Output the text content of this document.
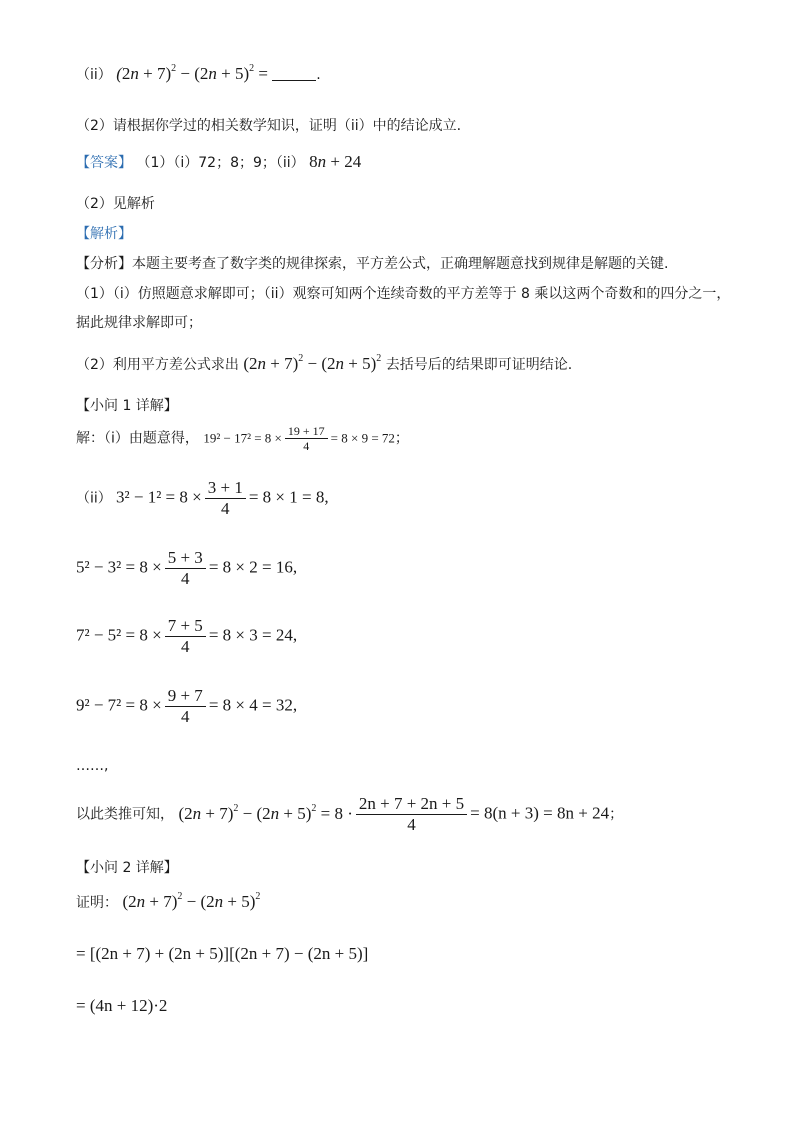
（ii） $(2n + 7)^2 - (2n + 5)^2$ =	.
（2）请根据你学过的相关数学知识，证明（ii）中的结论成立.
【答案】 （1）（i）72；8；9；（ii） 8n + 24
（2）见解析
【解析】
【分析】本题主要考查了数字类的规律探索，平方差公式，正确理解题意找到规律是解题的关键.
（1）（i）仿照题意求解即可；（ii）观察可知两个连续奇数的平方差等于 8 乘以这两个奇数和的四分之一，
据此规律求解即可；
（2）利用平方差公式求出 $(2n + 7)^2 - (2n + 5)^2$ 去括号后的结果即可证明结论.
【小问 1 详解】
解：（i）由题意得， $19^2 - 17^2 = 8 \times \frac{19 + 17}{4} = 8 \times 9 = 72$；
（ii） $3^2 - 1^2 = 8 \times \frac{3 + 1}{4} = 8 \times 1 = 8$,
$5^2 - 3^2 = 8 \times \frac{5 + 3}{4} = 8 \times 2 = 16$,
$7^2 - 5^2 = 8 \times \frac{7 + 5}{4} = 8 \times 3 = 24$,
$9^2 - 7^2 = 8 \times \frac{9 + 7}{4} = 8 \times 4 = 32$,
……,
以此类推可知， $(2n + 7)^2 - (2n + 5)^2 = 8 \cdot \frac{2n + 7 + 2n + 5}{4} = 8(n + 3) = 8n + 24$；
【小问 2 详解】
证明： $(2n + 7)^2 - (2n + 5)^2$
= [(2n + 7) + (2n + 5)][(2n + 7) − (2n + 5)]
= (4n + 12)·2
